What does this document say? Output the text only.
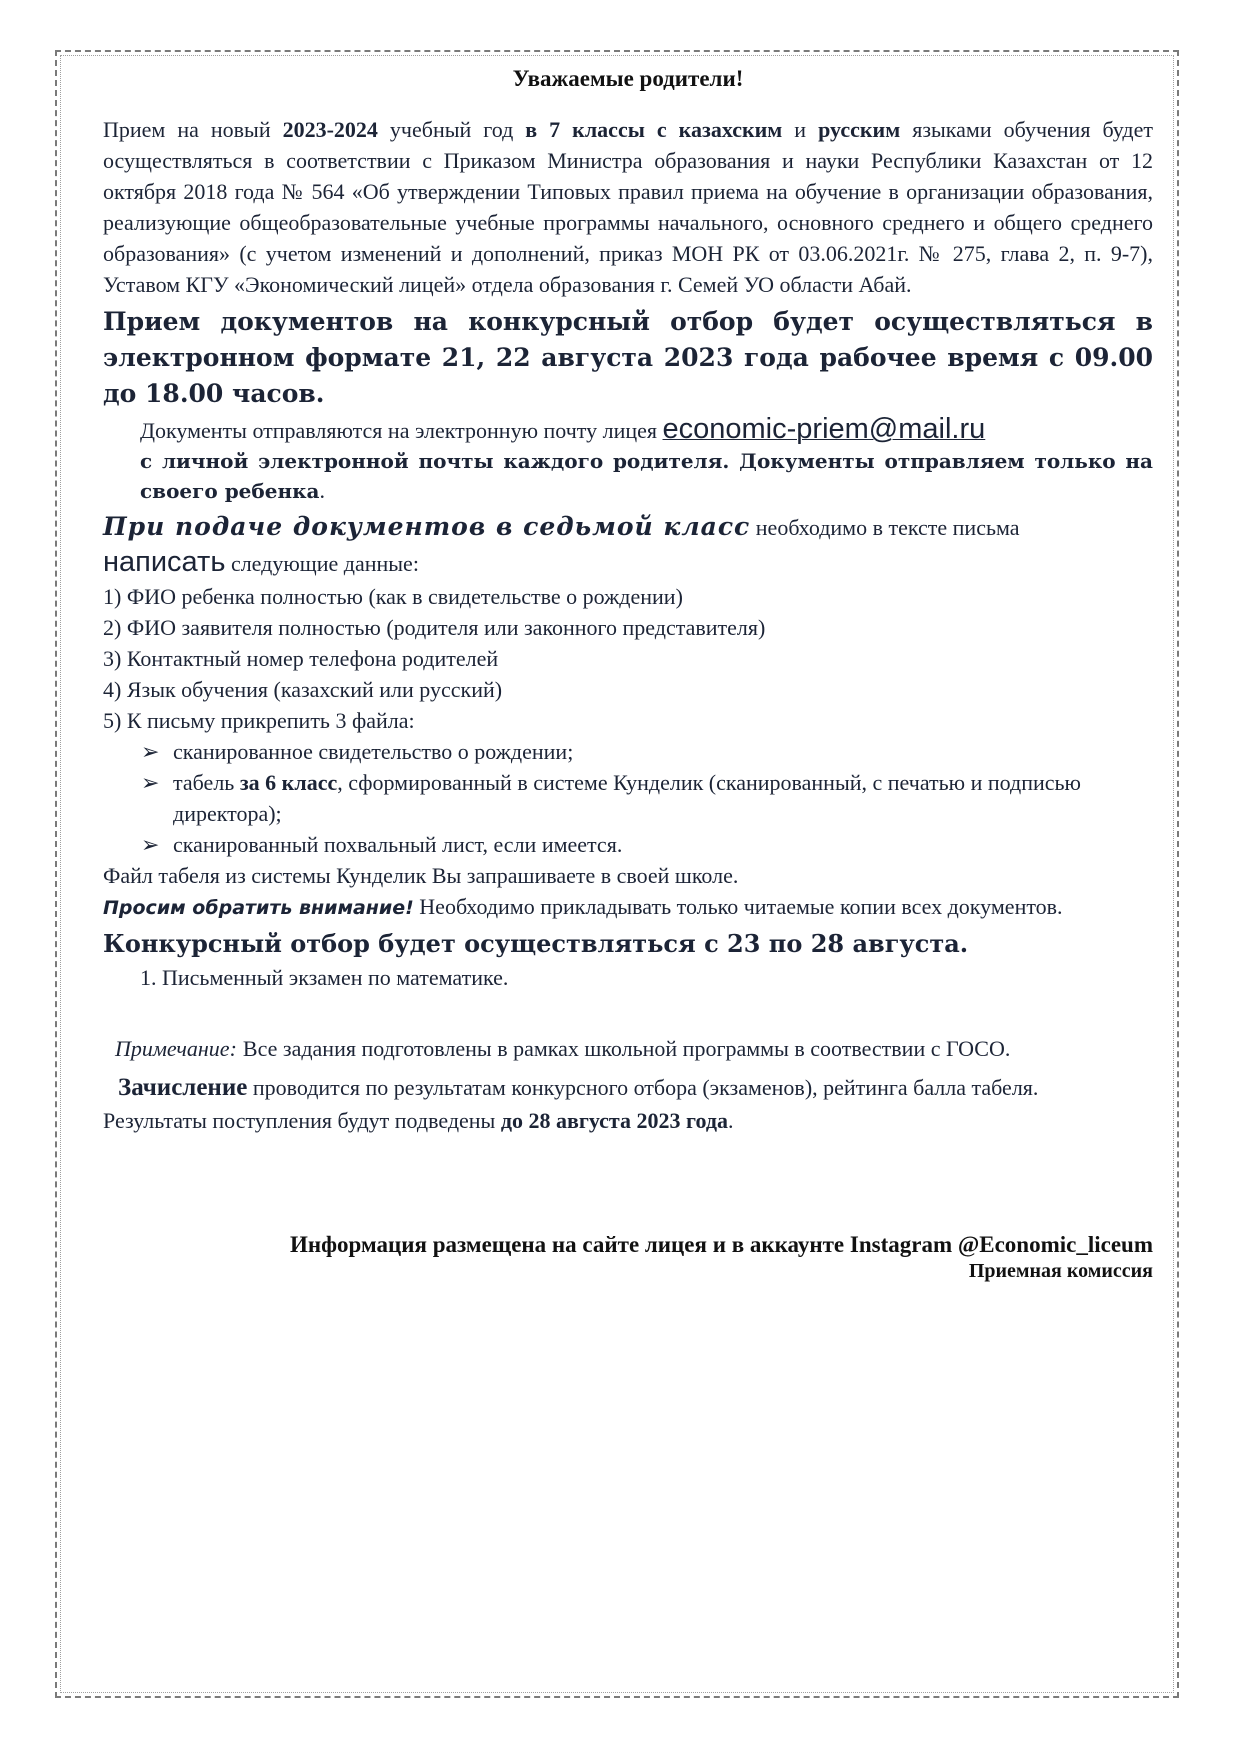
Уважаемые родители!

Прием на новый 2023-2024 учебный год в 7 классы с казахским и русским языками обучения будет осуществляться в соответствии с Приказом Министра образования и науки Республики Казахстан от 12 октября 2018 года № 564 «Об утверждении Типовых правил приема на обучение в организации образования, реализующие общеобразовательные учебные программы начального, основного среднего и общего среднего образования» (с учетом изменений и дополнений, приказ МОН РК от 03.06.2021г. № 275, глава 2, п. 9-7), Уставом КГУ «Экономический лицей» отдела образования г. Семей УО области Абай.

Прием документов на конкурсный отбор будет осуществляться в электронном формате 21, 22 августа 2023 года рабочее время с 09.00 до 18.00 часов.
Документы отправляются на электронную почту лицея economic-priem@mail.ru
с личной электронной почты каждого родителя. Документы отправляем только на своего ребенка.
При подаче документов в седьмой класс необходимо в тексте письма
написать следующие данные:
1) ФИО ребенка полностью (как в свидетельстве о рождении)
2) ФИО заявителя полностью (родителя или законного представителя)
3) Контактный номер телефона родителей
4) Язык обучения (казахский или русский)
5) К письму прикрепить 3 файла:
➢ сканированное свидетельство о рождении;
➢ табель за 6 класс, сформированный в системе Кунделик (сканированный, с печатью и подписью директора);
➢ сканированный похвальный лист, если имеется.
Файл табеля из системы Кунделик Вы запрашиваете в своей школе.

Просим обратить внимание! Необходимо прикладывать только читаемые копии всех документов.

Конкурсный отбор будет осуществляться с 23 по 28 августа.
1. Письменный экзамен по математике.
Примечание: Все задания подготовлены в рамках школьной программы в соотвествии с ГОСО.
Зачисление проводится по результатам конкурсного отбора (экзаменов), рейтинга балла табеля.
Результаты поступления будут подведены до 28 августа 2023 года.
Информация размещена на сайте лицея и в аккаунте Instagram @Economic_liceum
Приемная комиссия
